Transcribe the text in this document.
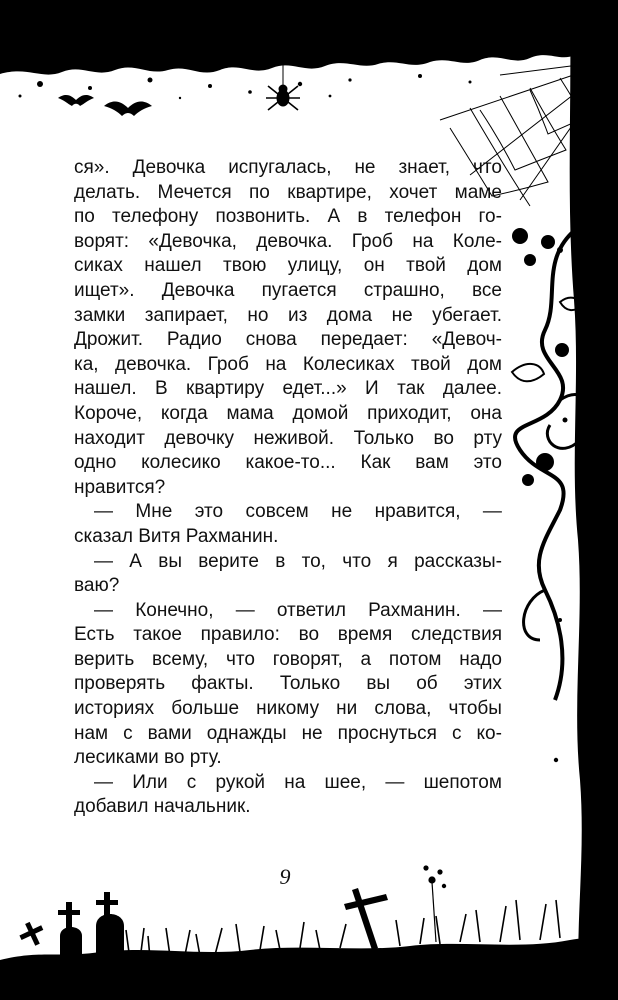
ся». Девочка испугалась, не знает, что
делать. Мечется по квартире, хочет маме
по телефону позвонить. А в телефон го-
ворят: «Девочка, девочка. Гроб на Коле-
сиках нашел твою улицу, он твой дом
ищет». Девочка пугается страшно, все
замки запирает, но из дома не убегает.
Дрожит. Радио снова передает: «Девоч-
ка, девочка. Гроб на Колесиках твой дом
нашел. В квартиру едет...» И так далее.
Короче, когда мама домой приходит, она
находит девочку неживой. Только во рту
одно колесико какое-то... Как вам это
нравится?
— Мне это совсем не нравится, —
сказал Витя Рахманин.
— А вы верите в то, что я рассказы-
ваю?
— Конечно, — ответил Рахманин. —
Есть такое правило: во время следствия
верить всему, что говорят, а потом надо
проверять факты. Только вы об этих
историях больше никому ни слова, чтобы
нам с вами однажды не проснуться с ко-
лесиками во рту.
— Или с рукой на шее, — шепотом
добавил начальник.
9
